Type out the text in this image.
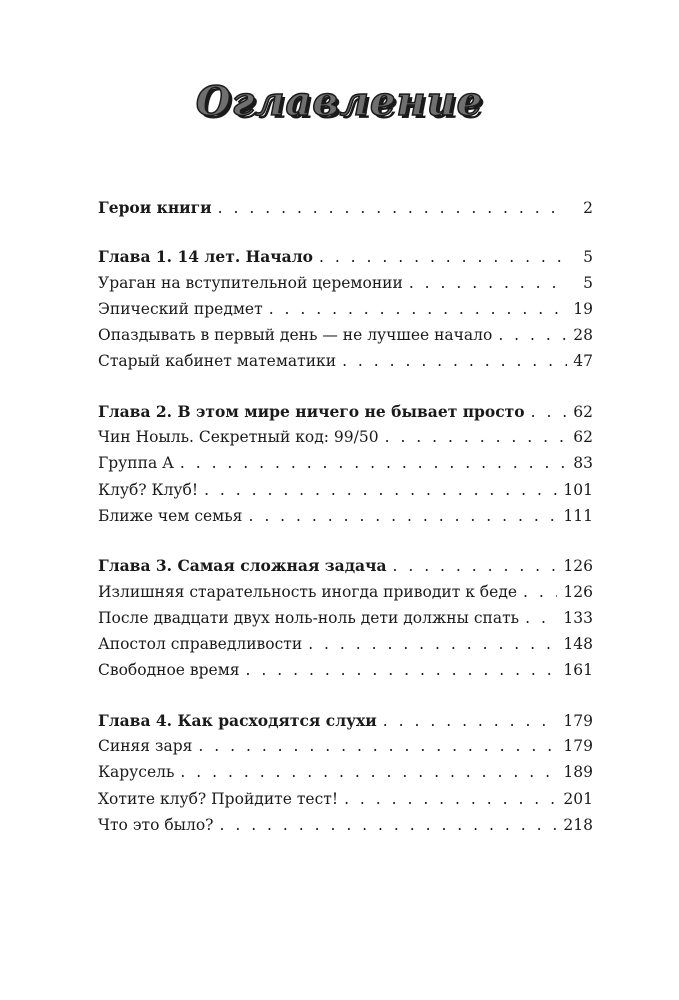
Оглавление
Герои книги . . .	2
Глава 1. 14 лет. Начало . . .	5
Ураган на вступительной церемонии . . .	5
Эпический предмет . . .	19
Опаздывать в первый день — не лучшее начало . . .	28
Старый кабинет математики . . .	47
Глава 2. В этом мире ничего не бывает просто . . .	62
Чин Ноыль. Секретный код: 99/50 . . .	62
Группа А . . .	83
Клуб? Клуб! . . .	101
Ближе чем семья . . .	111
Глава 3. Самая сложная задача . . .	126
Излишняя старательность иногда приводит к беде . . .	126
После двадцати двух ноль-ноль дети должны спать . . .	133
Апостол справедливости . . .	148
Свободное время . . .	161
Глава 4. Как расходятся слухи . . .	179
Синяя заря . . .	179
Карусель . . .	189
Хотите клуб? Пройдите тест! . . .	201
Что это было? . . .	218
